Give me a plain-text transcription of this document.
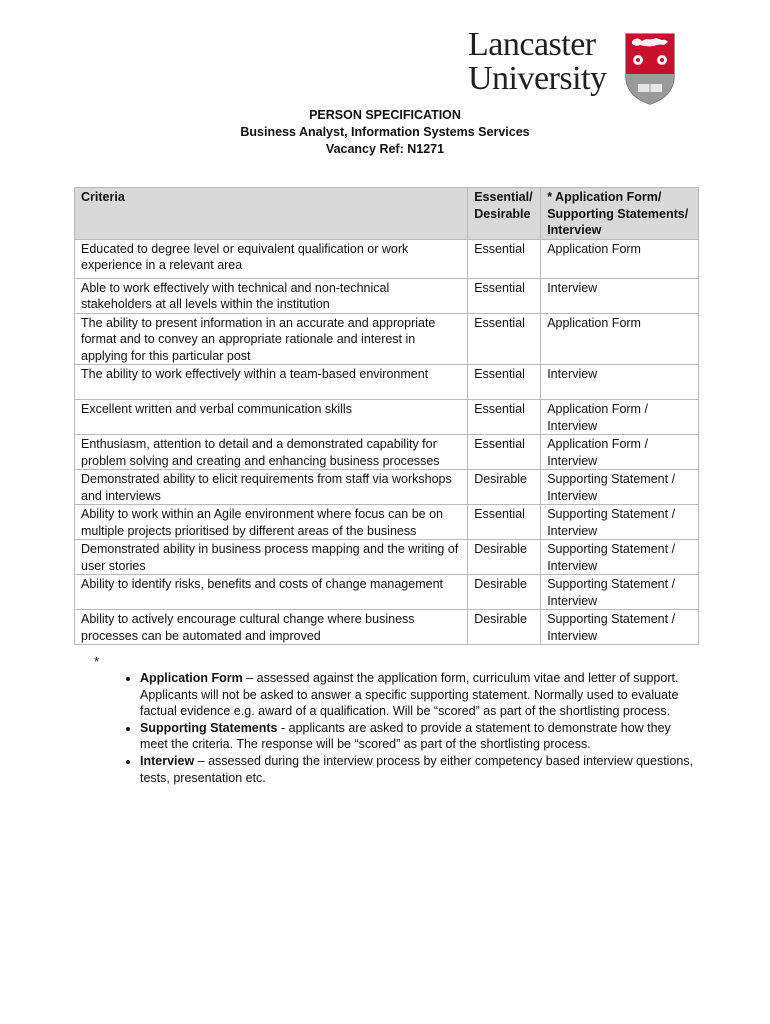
Lancaster
University
PERSON SPECIFICATION
Business Analyst, Information Systems Services
Vacancy Ref: N1271
Criteria	Essential/ Desirable	* Application Form/ Supporting Statements/ Interview
Educated to degree level or equivalent qualification or work experience in a relevant area	Essential	Application Form
Able to work effectively with technical and non-technical stakeholders at all levels within the institution	Essential	Interview
The ability to present information in an accurate and appropriate format and to convey an appropriate rationale and interest in applying for this particular post	Essential	Application Form
The ability to work effectively within a team-based environment	Essential	Interview
Excellent written and verbal communication skills	Essential	Application Form / Interview
Enthusiasm, attention to detail and a demonstrated capability for problem solving and creating and enhancing business processes	Essential	Application Form / Interview
Demonstrated ability to elicit requirements from staff via workshops and interviews	Desirable	Supporting Statement / Interview
Ability to work within an Agile environment where focus can be on multiple projects prioritised by different areas of the business	Essential	Supporting Statement / Interview
Demonstrated ability in business process mapping and the writing of user stories	Desirable	Supporting Statement / Interview
Ability to identify risks, benefits and costs of change management	Desirable	Supporting Statement / Interview
Ability to actively encourage cultural change where business processes can be automated and improved	Desirable	Supporting Statement / Interview
*
• Application Form – assessed against the application form, curriculum vitae and letter of support. Applicants will not be asked to answer a specific supporting statement. Normally used to evaluate factual evidence e.g. award of a qualification. Will be “scored” as part of the shortlisting process.
• Supporting Statements - applicants are asked to provide a statement to demonstrate how they meet the criteria. The response will be “scored” as part of the shortlisting process.
• Interview – assessed during the interview process by either competency based interview questions, tests, presentation etc.
